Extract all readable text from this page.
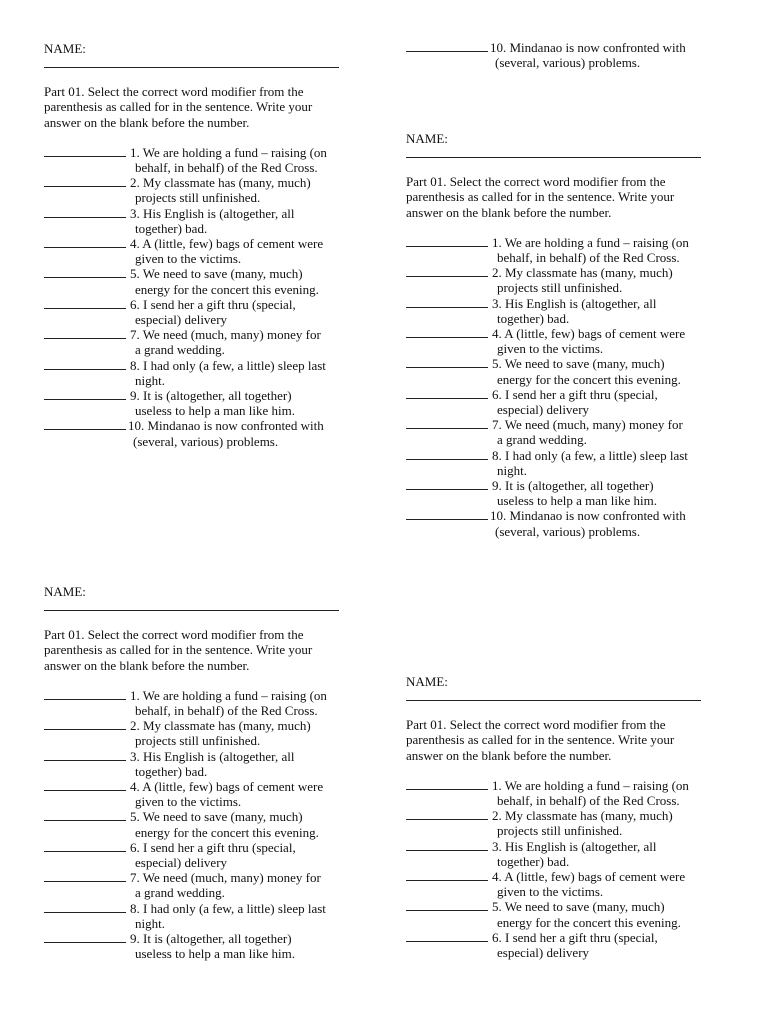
10. Mindanao is now confronted with
(several, various) problems.

NAME:

Part 01. Select the correct word modifier from the

parenthesis as called for in the sentence. Write your

answer on the blank before the number.

1. We are holding a fund – raising (on
behalf, in behalf) of the Red Cross.
2. My classmate has (many, much)
projects still unfinished.
3. His English is (altogether, all
together) bad.
4. A (little, few) bags of cement were
given to the victims.
5. We need to save (many, much)
energy for the concert this evening.
6. I send her a gift thru (special,
especial) delivery
7. We need (much, many) money for
a grand wedding.
8. I had only (a few, a little) sleep last
night.
9. It is (altogether, all together)
useless to help a man like him.
10. Mindanao is now confronted with
(several, various) problems.

NAME:

Part 01. Select the correct word modifier from the

parenthesis as called for in the sentence. Write your

answer on the blank before the number.

1. We are holding a fund – raising (on
behalf, in behalf) of the Red Cross.
2. My classmate has (many, much)
projects still unfinished.
3. His English is (altogether, all
together) bad.
4. A (little, few) bags of cement were
given to the victims.
5. We need to save (many, much)
energy for the concert this evening.
6. I send her a gift thru (special,
especial) delivery
7. We need (much, many) money for
a grand wedding.
8. I had only (a few, a little) sleep last
night.
9. It is (altogether, all together)
useless to help a man like him.
10. Mindanao is now confronted with
(several, various) problems.

NAME:

Part 01. Select the correct word modifier from the

parenthesis as called for in the sentence. Write your

answer on the blank before the number.

1. We are holding a fund – raising (on
behalf, in behalf) of the Red Cross.
2. My classmate has (many, much)
projects still unfinished.
3. His English is (altogether, all
together) bad.
4. A (little, few) bags of cement were
given to the victims.
5. We need to save (many, much)
energy for the concert this evening.
6. I send her a gift thru (special,
especial) delivery
7. We need (much, many) money for
a grand wedding.
8. I had only (a few, a little) sleep last
night.
9. It is (altogether, all together)
useless to help a man like him.

NAME:

Part 01. Select the correct word modifier from the

parenthesis as called for in the sentence. Write your

answer on the blank before the number.

1. We are holding a fund – raising (on
behalf, in behalf) of the Red Cross.
2. My classmate has (many, much)
projects still unfinished.
3. His English is (altogether, all
together) bad.
4. A (little, few) bags of cement were
given to the victims.
5. We need to save (many, much)
energy for the concert this evening.
6. I send her a gift thru (special,
especial) delivery
